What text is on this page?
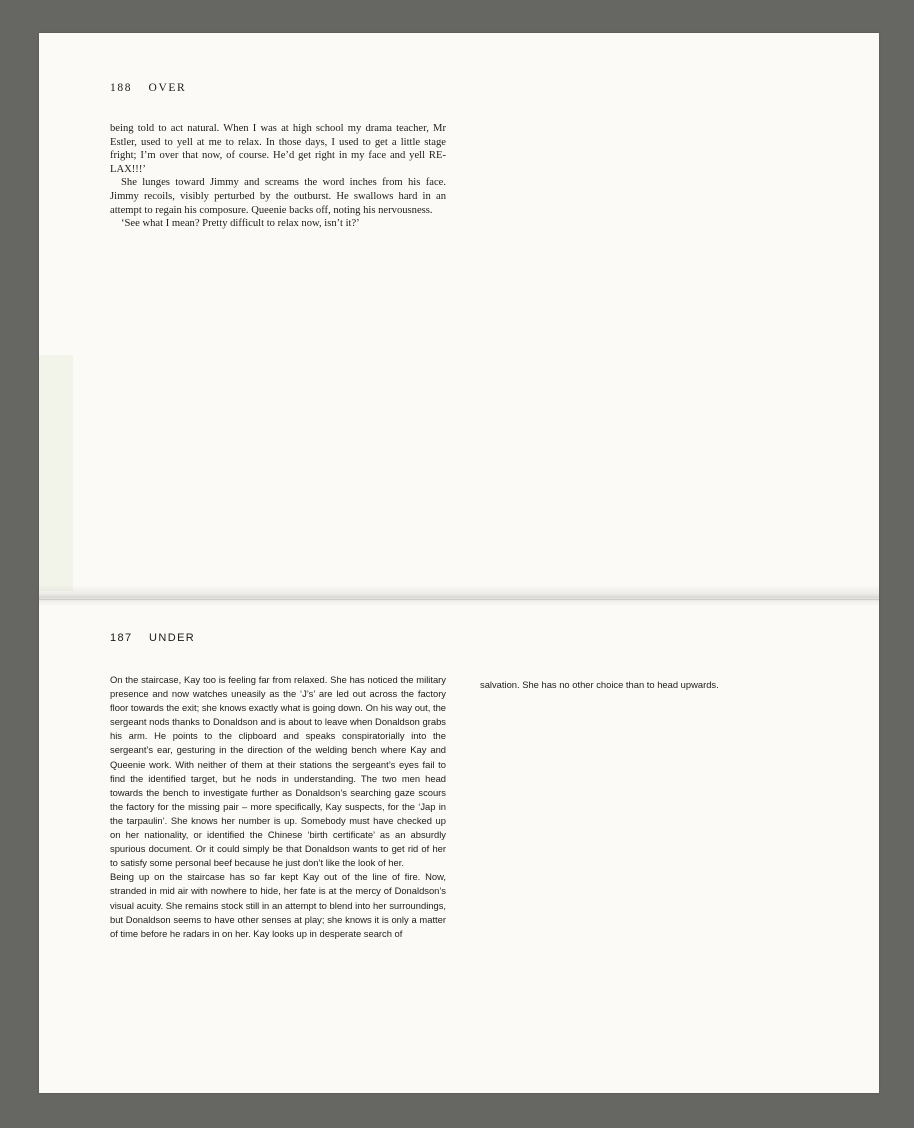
188 OVER

being told to act natural. When I was at high school my drama teacher, Mr Estler, used to yell at me to relax. In those days, I used to get a little stage fright; I’m over that now, of course. He’d get right in my face and yell RE-LAX!!!’

She lunges toward Jimmy and screams the word inches from his face. Jimmy recoils, visibly perturbed by the outburst. He swallows hard in an attempt to regain his composure. Queenie backs off, noting his nervousness.

‘See what I mean? Pretty difficult to relax now, isn’t it?’

187 UNDER

On the staircase, Kay too is feeling far from relaxed. She has noticed the military presence and now watches uneasily as the ‘J’s’ are led out across the factory floor towards the exit; she knows exactly what is going down. On his way out, the sergeant nods thanks to Donaldson and is about to leave when Donaldson grabs his arm. He points to the clipboard and speaks conspiratorially into the sergeant’s ear, gesturing in the direction of the welding bench where Kay and Queenie work. With neither of them at their stations the sergeant’s eyes fail to find the identified target, but he nods in understanding. The two men head towards the bench to investigate further as Donaldson’s searching gaze scours the factory for the missing pair – more specifically, Kay suspects, for the ‘Jap in the tarpaulin’. She knows her number is up. Somebody must have checked up on her nationality, or identified the Chinese ‘birth certificate’ as an absurdly spurious document. Or it could simply be that Donaldson wants to get rid of her to satisfy some personal beef because he just don’t like the look of her.

Being up on the staircase has so far kept Kay out of the line of fire. Now, stranded in mid air with nowhere to hide, her fate is at the mercy of Donaldson’s visual acuity. She remains stock still in an attempt to blend into her surroundings, but Donaldson seems to have other senses at play; she knows it is only a matter of time before he radars in on her. Kay looks up in desperate search of

salvation. She has no other choice than to head upwards.
